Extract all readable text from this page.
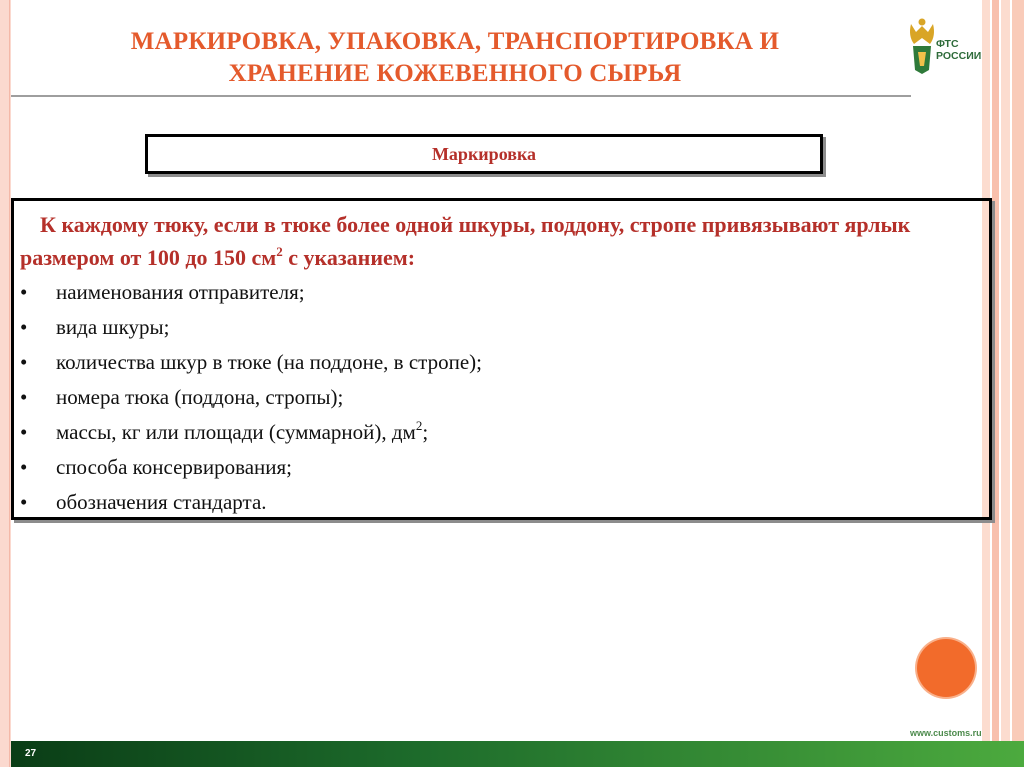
МАРКИРОВКА, УПАКОВКА, ТРАНСПОРТИРОВКА И
ХРАНЕНИЕ КОЖЕВЕННОГО СЫРЬЯ
ФТС
РОССИИ
Маркировка
К каждому тюку, если в тюке более одной шкуры, поддону, стропе привязывают ярлык размером от 100 до 150 $см^2$ с указанием:
• наименования отправителя;
• вида шкуры;
• количества шкур в тюке (на поддоне, в стропе);
• номера тюка (поддона, стропы);
• массы, кг или площади (суммарной), $дм^2$;
• способа консервирования;
• обозначения стандарта.
www.customs.ru
27
